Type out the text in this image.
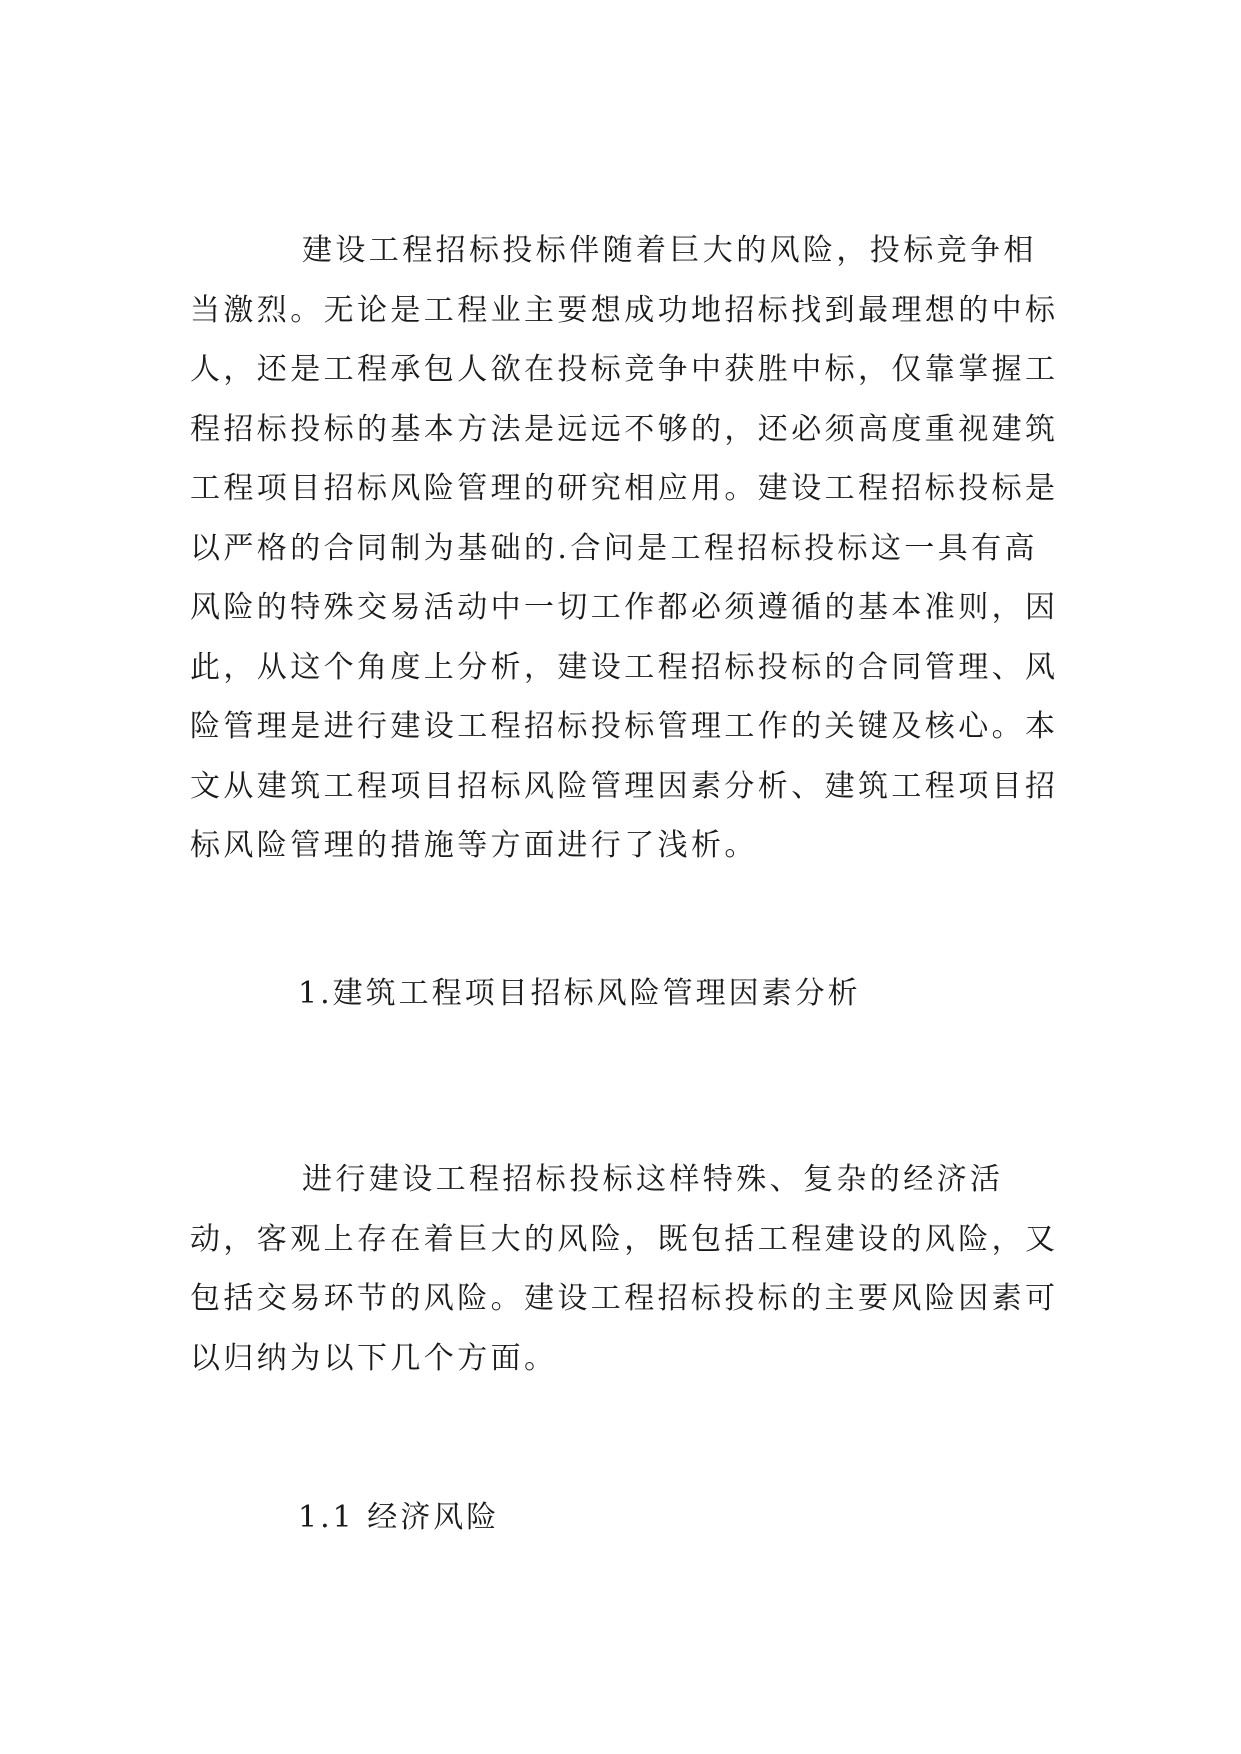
建设工程招标投标伴随着巨大的风险，投标竞争相当激烈。无论是工程业主要想成功地招标找到最理想的中标人，还是工程承包人欲在投标竞争中获胜中标，仅靠掌握工程招标投标的基本方法是远远不够的，还必须高度重视建筑工程项目招标风险管理的研究相应用。建设工程招标投标是以严格的合同制为基础的.合问是工程招标投标这一具有高风险的特殊交易活动中一切工作都必须遵循的基本准则，因此，从这个角度上分析，建设工程招标投标的合同管理、风险管理是进行建设工程招标投标管理工作的关键及核心。本文从建筑工程项目招标风险管理因素分析、建筑工程项目招标风险管理的措施等方面进行了浅析。

1.建筑工程项目招标风险管理因素分析

进行建设工程招标投标这样特殊、复杂的经济活动，客观上存在着巨大的风险，既包括工程建设的风险，又包括交易环节的风险。建设工程招标投标的主要风险因素可以归纳为以下几个方面。

1.1 经济风险
